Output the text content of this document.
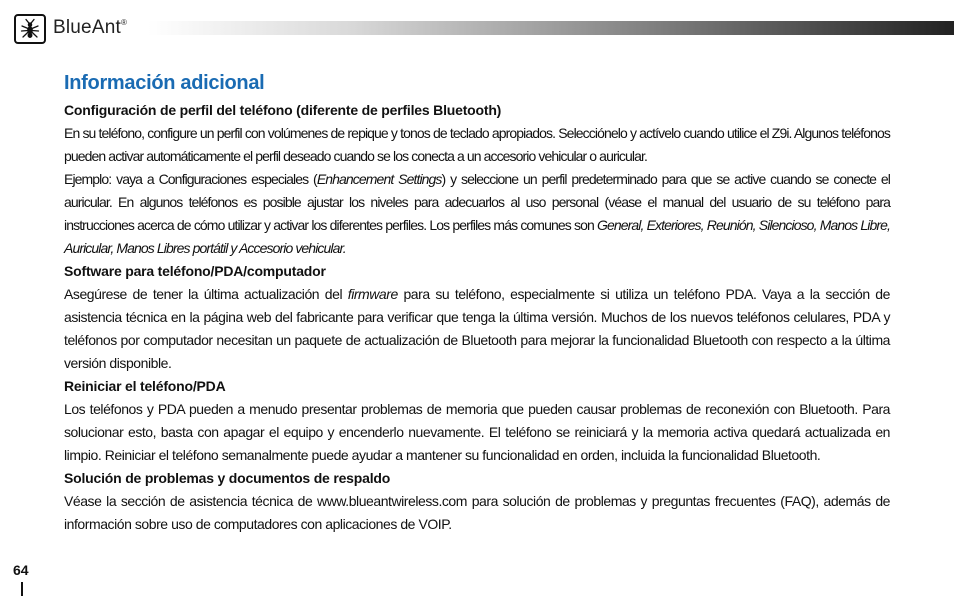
BlueAnt®
Información adicional
Configuración de perfil del teléfono (diferente de perfiles Bluetooth)

En su teléfono, configure un perfil con volúmenes de repique y tonos de teclado apropiados. Selecciónelo y actívelo cuando utilice el Z9i. Algunos teléfonos pueden activar automáticamente el perfil deseado cuando se los conecta a un accesorio vehicular o auricular.

Ejemplo: vaya a Configuraciones especiales (Enhancement Settings) y seleccione un perfil predeterminado para que se active cuando se conecte el auricular. En algunos teléfonos es posible ajustar los niveles para adecuarlos al uso personal (véase el manual del usuario de su teléfono para instrucciones acerca de cómo utilizar y activar los diferentes perfiles. Los perfiles más comunes son General, Exteriores, Reunión, Silencioso, Manos Libre, Auricular, Manos Libres portátil y Accesorio vehicular.

Software para teléfono/PDA/computador

Asegúrese de tener la última actualización del firmware para su teléfono, especialmente si utiliza un teléfono PDA. Vaya a la sección de asistencia técnica en la página web del fabricante para verificar que tenga la última versión. Muchos de los nuevos teléfonos celulares, PDA y teléfonos por computador necesitan un paquete de actualización de Bluetooth para mejorar la funcionalidad Bluetooth con respecto a la última versión disponible.

Reiniciar el teléfono/PDA

Los teléfonos y PDA pueden a menudo presentar problemas de memoria que pueden causar problemas de reconexión con Bluetooth. Para solucionar esto, basta con apagar el equipo y encenderlo nuevamente. El teléfono se reiniciará y la memoria activa quedará actualizada en limpio. Reiniciar el teléfono semanalmente puede ayudar a mantener su funcionalidad en orden, incluida la funcionalidad Bluetooth.

Solución de problemas y documentos de respaldo

Véase la sección de asistencia técnica de www.blueantwireless.com para solución de problemas y preguntas frecuentes (FAQ), además de información sobre uso de computadores con aplicaciones de VOIP.

64
